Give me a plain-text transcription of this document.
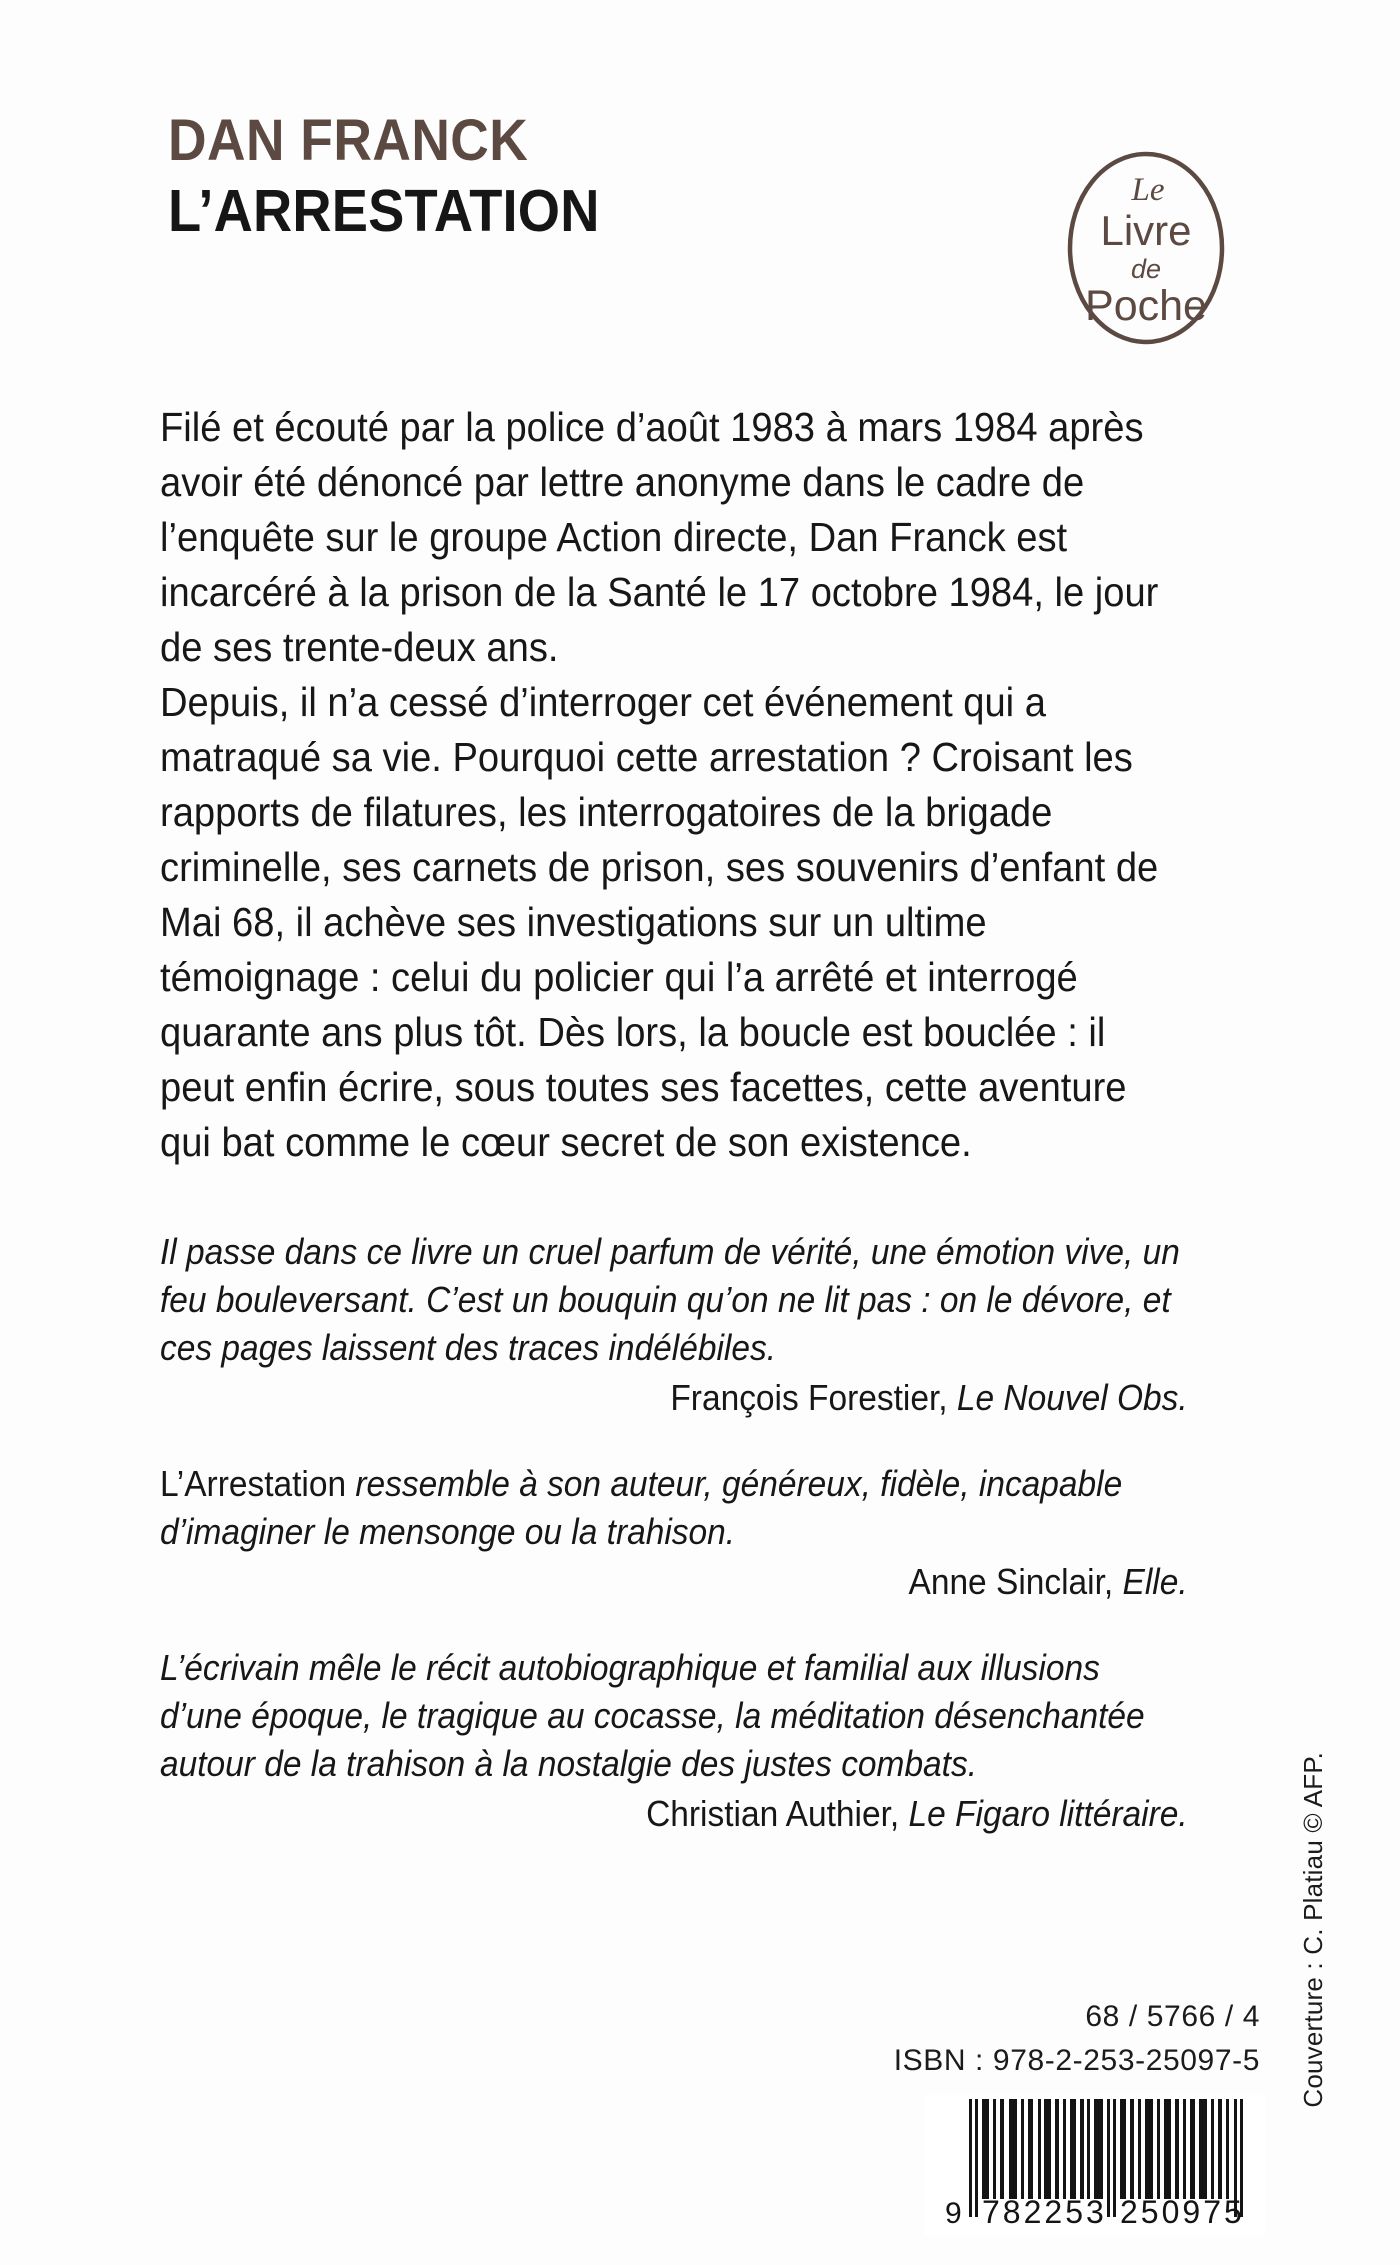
DAN FRANCK
L’ARRESTATION	Le
Livre
de
Poche

Filé et écouté par la police d’août 1983 à mars 1984 après avoir été dénoncé par lettre anonyme dans le cadre de l’enquête sur le groupe Action directe, Dan Franck est incarcéré à la prison de la Santé le 17 octobre 1984, le jour de ses trente-deux ans.

Depuis, il n’a cessé d’interroger cet événement qui a matraqué sa vie. Pourquoi cette arrestation ? Croisant les rapports de filatures, les interrogatoires de la brigade criminelle, ses carnets de prison, ses souvenirs d’enfant de Mai 68, il achève ses investigations sur un ultime témoignage : celui du policier qui l’a arrêté et interrogé quarante ans plus tôt. Dès lors, la boucle est bouclée : il peut enfin écrire, sous toutes ses facettes, cette aventure qui bat comme le cœur secret de son existence.

Il passe dans ce livre un cruel parfum de vérité, une émotion vive, un feu bouleversant. C’est un bouquin qu’on ne lit pas : on le dévore, et ces pages laissent des traces indélébiles.

François Forestier, Le Nouvel Obs.

L’Arrestation ressemble à son auteur, généreux, fidèle, incapable d’imaginer le mensonge ou la trahison.

Anne Sinclair, Elle.

L’écrivain mêle le récit autobiographique et familial aux illusions d’une époque, le tragique au cocasse, la méditation désenchantée autour de la trahison à la nostalgie des justes combats.

Christian Authier, Le Figaro littéraire.

68 / 5766 / 4
ISBN : 978-2-253-25097-5
9 782253 250975
Couverture : C. Platiau © AFP.
